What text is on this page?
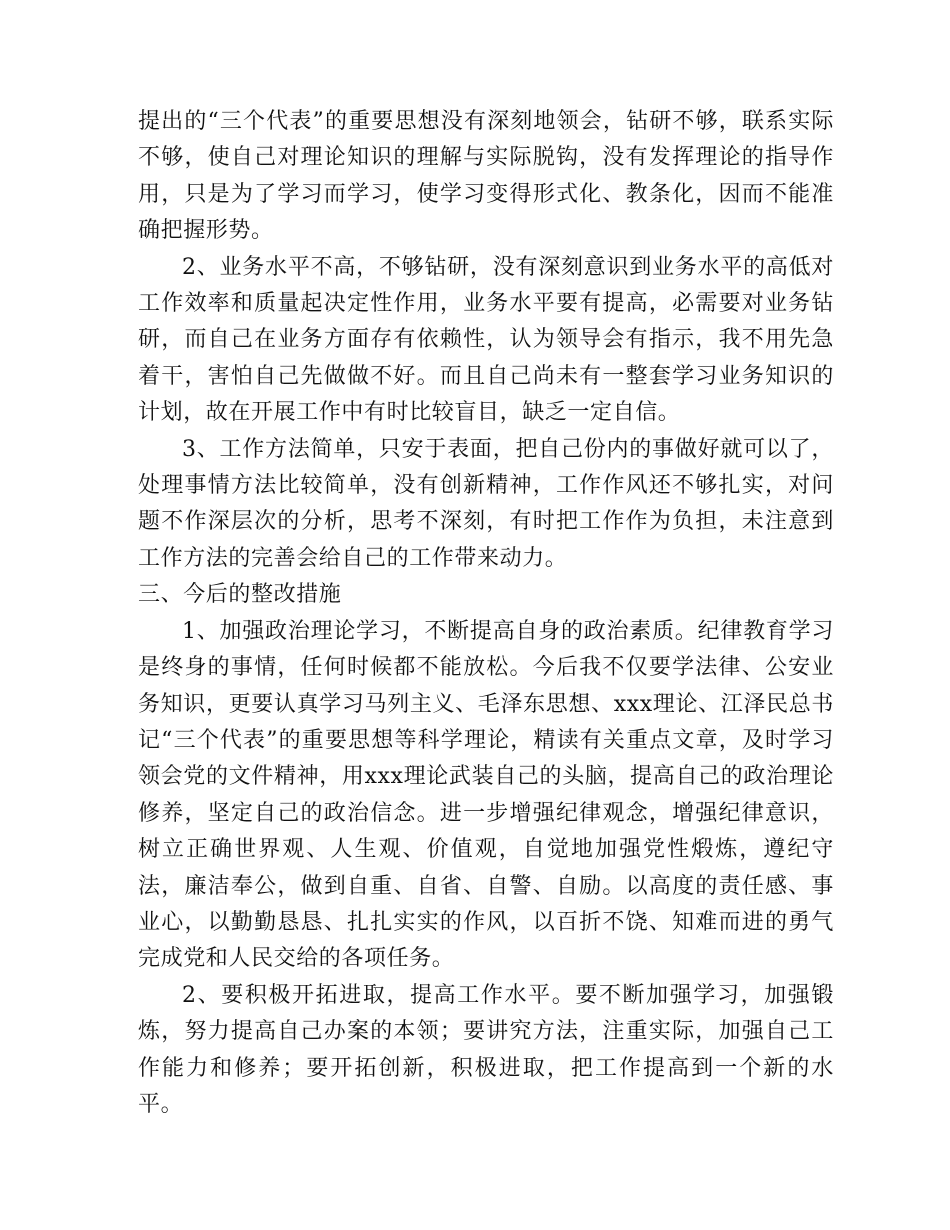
提出的“三个代表”的重要思想没有深刻地领会，钻研不够，联系实际不够，使自己对理论知识的理解与实际脱钩，没有发挥理论的指导作用，只是为了学习而学习，使学习变得形式化、教条化，因而不能准确把握形势。

2、业务水平不高，不够钻研，没有深刻意识到业务水平的高低对工作效率和质量起决定性作用，业务水平要有提高，必需要对业务钻研，而自己在业务方面存有依赖性，认为领导会有指示，我不用先急着干，害怕自己先做做不好。而且自己尚未有一整套学习业务知识的计划，故在开展工作中有时比较盲目，缺乏一定自信。

3、工作方法简单，只安于表面，把自己份内的事做好就可以了，处理事情方法比较简单，没有创新精神，工作作风还不够扎实，对问题不作深层次的分析，思考不深刻，有时把工作作为负担，未注意到工作方法的完善会给自己的工作带来动力。

三、今后的整改措施

1、加强政治理论学习，不断提高自身的政治素质。纪律教育学习是终身的事情，任何时候都不能放松。今后我不仅要学法律、公安业务知识，更要认真学习马列主义、毛泽东思想、xxx理论、江泽民总书记“三个代表”的重要思想等科学理论，精读有关重点文章，及时学习领会党的文件精神，用xxx理论武装自己的头脑，提高自己的政治理论修养，坚定自己的政治信念。进一步增强纪律观念，增强纪律意识，树立正确世界观、人生观、价值观，自觉地加强党性煅炼，遵纪守法，廉洁奉公，做到自重、自省、自警、自励。以高度的责任感、事业心，以勤勤恳恳、扎扎实实的作风，以百折不饶、知难而进的勇气完成党和人民交给的各项任务。

2、要积极开拓进取，提高工作水平。要不断加强学习，加强锻炼，努力提高自己办案的本领；要讲究方法，注重实际，加强自己工作能力和修养；要开拓创新，积极进取，把工作提高到一个新的水平。
